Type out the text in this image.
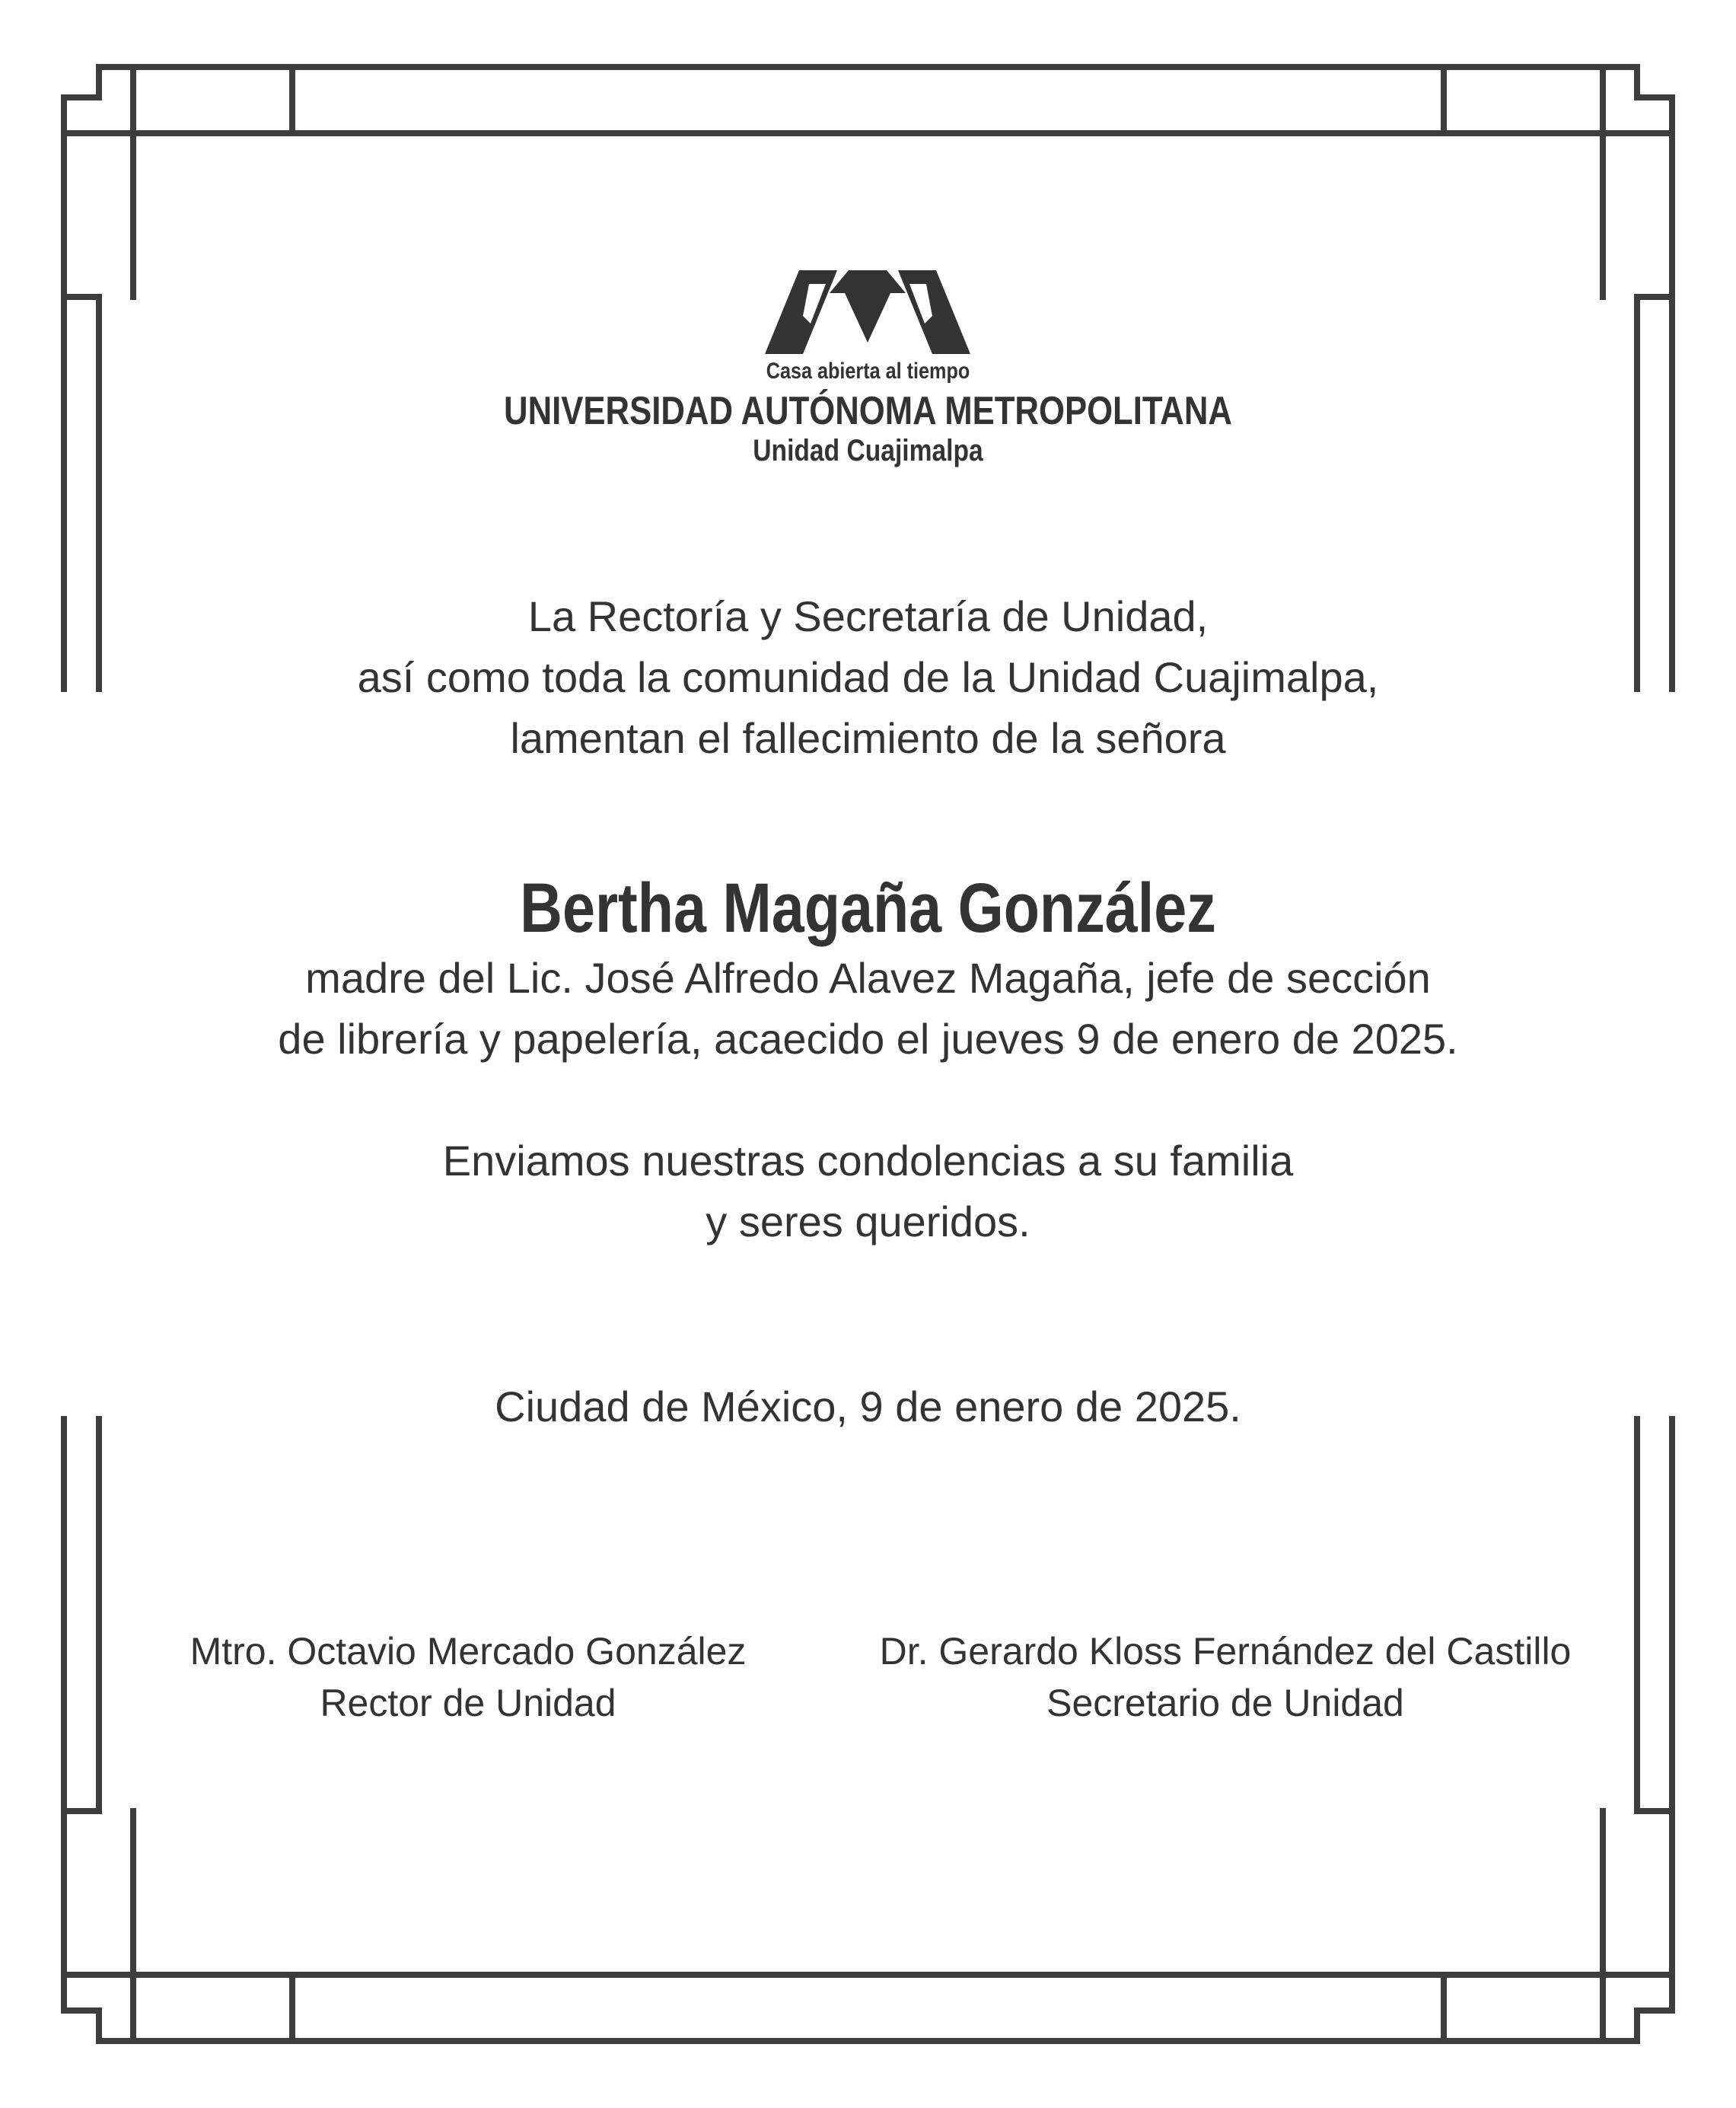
Casa abierta al tiempo
UNIVERSIDAD AUTÓNOMA METROPOLITANA
Unidad Cuajimalpa
La Rectoría y Secretaría de Unidad,
así como toda la comunidad de la Unidad Cuajimalpa,
lamentan el fallecimiento de la señora
Bertha Magaña González
madre del Lic. José Alfredo Alavez Magaña, jefe de sección
de librería y papelería, acaecido el jueves 9 de enero de 2025.
Enviamos nuestras condolencias a su familia
y seres queridos.
Ciudad de México, 9 de enero de 2025.
Mtro. Octavio Mercado González
Rector de Unidad
Dr. Gerardo Kloss Fernández del Castillo
Secretario de Unidad
